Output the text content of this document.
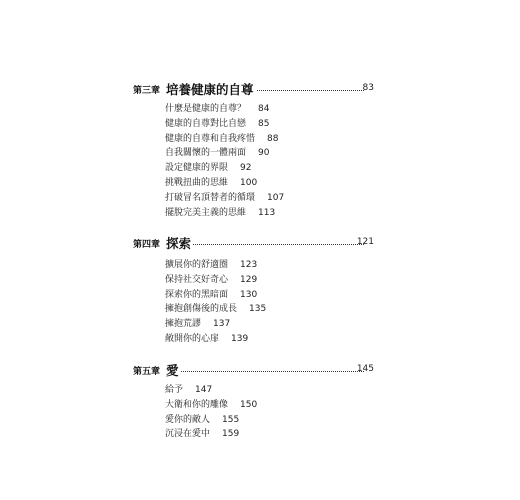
第三章 培養健康的自尊	83
什麼是健康的自尊？ 84
健康的自尊對比自戀 85
健康的自尊和自我疼惜 88
自我關懷的一體兩面 90
設定健康的界限 92
挑戰扭曲的思維 100
打破冒名頂替者的循環 107
擺脫完美主義的思維 113
第四章 探索	121
擴展你的舒適圈 123
保持社交好奇心 129
探索你的黑暗面 130
擁抱創傷後的成長 135
擁抱荒謬 137
敞開你的心扉 139
第五章 愛	145
給予 147
大衛和你的雕像 150
愛你的敵人 155
沉浸在愛中 159
